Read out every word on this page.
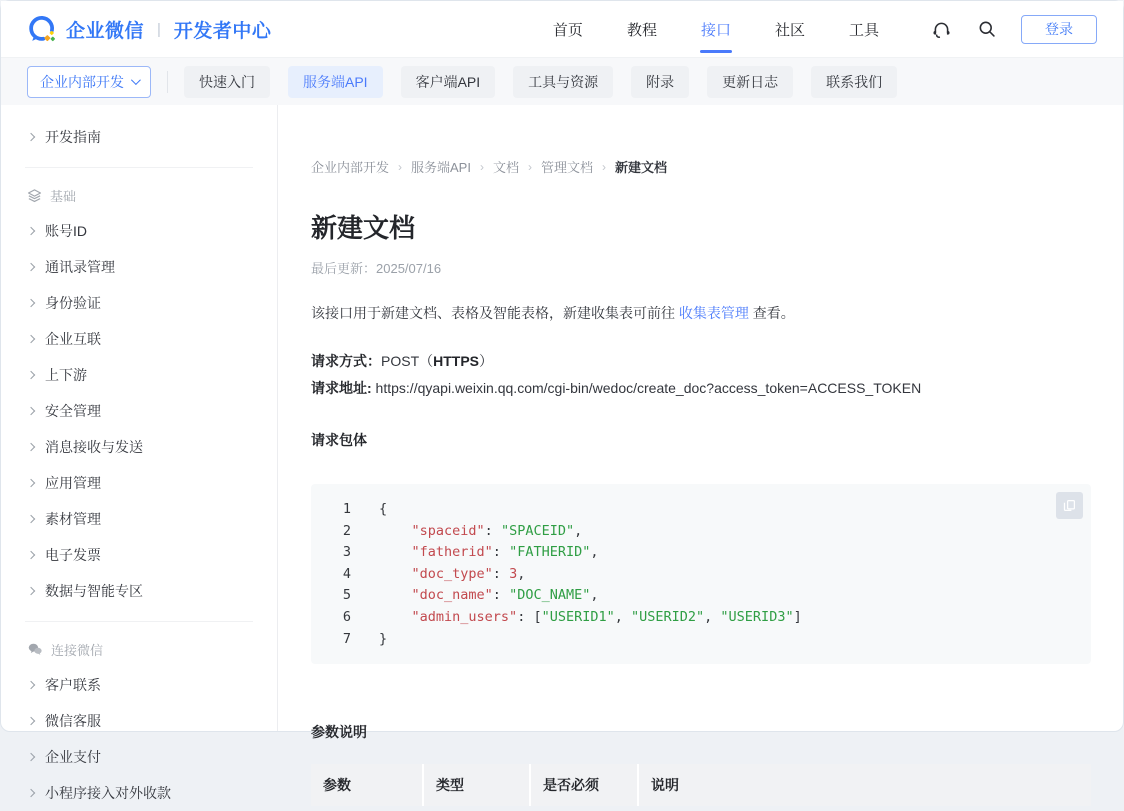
企业微信 | 开发者中心	首页	教程	接口	社区	工具	登录
企业内部开发	快速入门	服务端API	客户端API	工具与资源	附录	更新日志	联系我们
开发指南
基础
账号ID
通讯录管理
身份验证
企业互联
上下游
安全管理
消息接收与发送
应用管理
素材管理
电子发票
数据与智能专区
连接微信
客户联系
微信客服
企业支付
小程序接入对外收款
企业内部开发 › 服务端API › 文档 › 管理文档 › 新建文档
新建文档
最后更新：2025/07/16

该接口用于新建文档、表格及智能表格，新建收集表可前往 收集表管理 查看。

请求方式：POST（HTTPS）
请求地址: https://qyapi.weixin.qq.com/cgi-bin/wedoc/create_doc?access_token=ACCESS_TOKEN
请求包体
1 {
2	"spaceid": "SPACEID",
3	"fatherid": "FATHERID",
4	"doc_type": 3,
5	"doc_name": "DOC_NAME",
6	"admin_users": ["USERID1", "USERID2", "USERID3"]
7 }
参数说明
参数	类型	是否必须	说明
